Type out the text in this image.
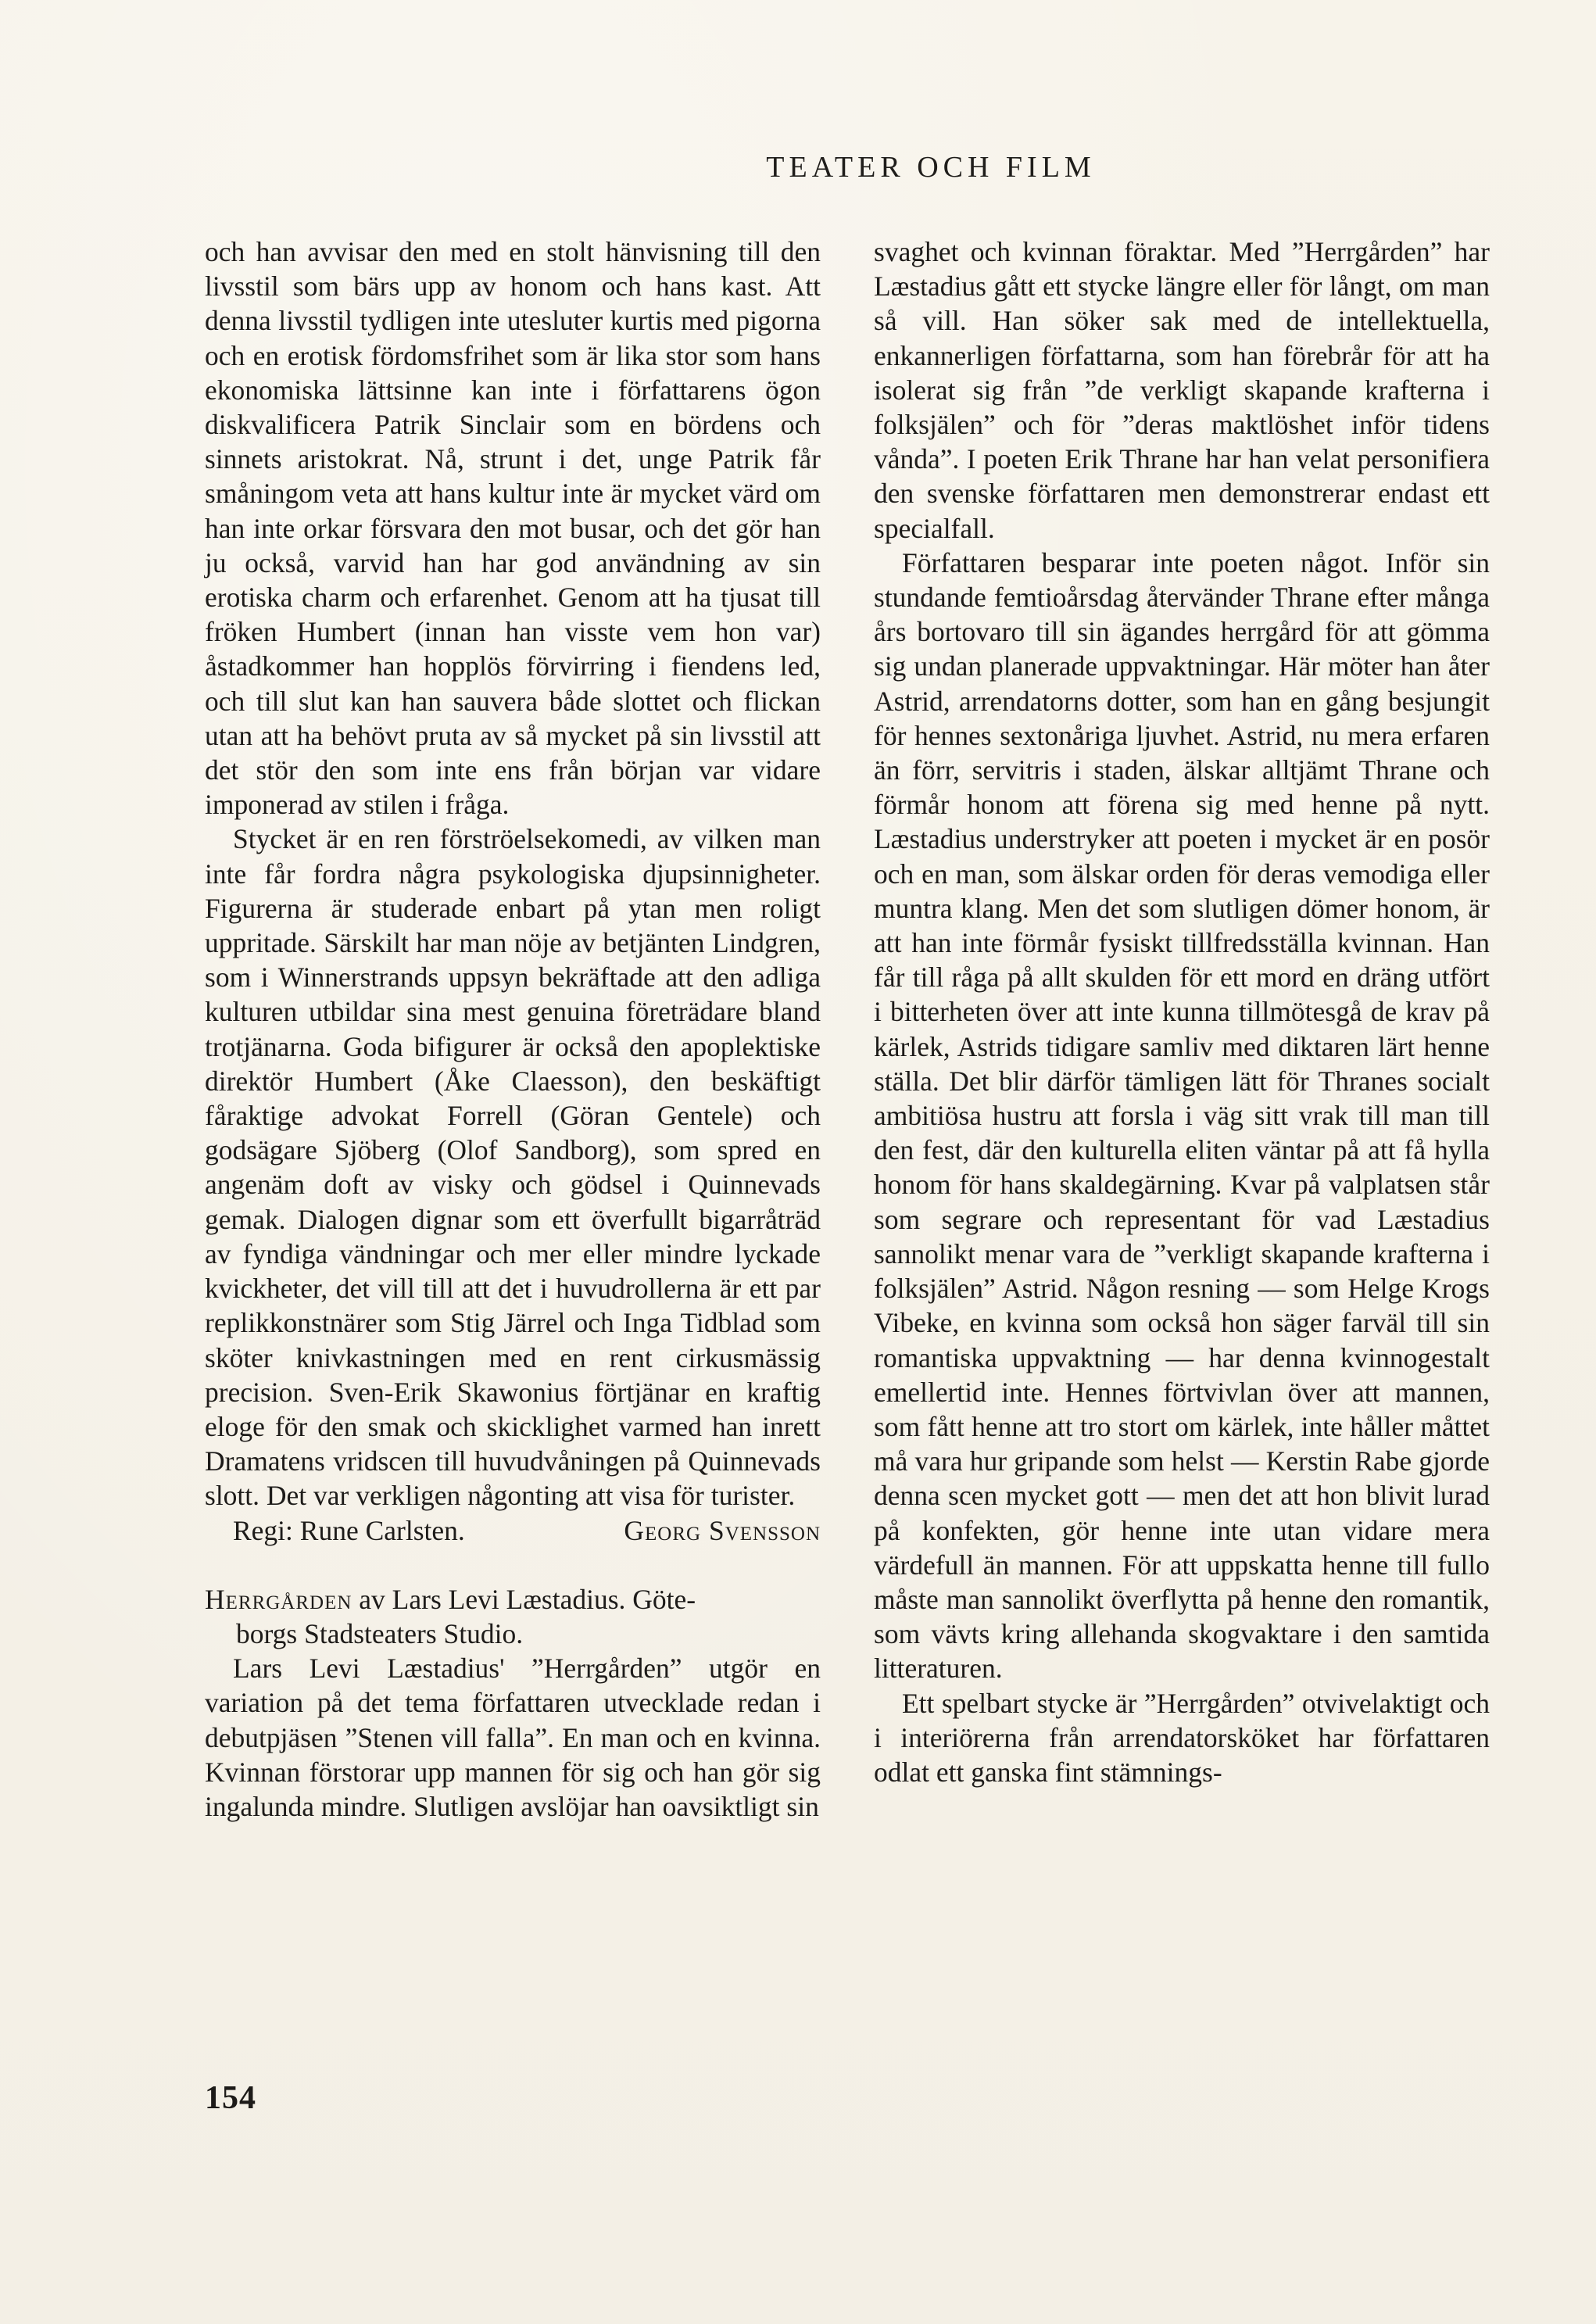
TEATER OCH FILM

och han avvisar den med en stolt hänvisning till den livsstil som bärs upp av honom och hans kast. Att denna livsstil tydligen inte utesluter kurtis med pigorna och en erotisk fördomsfrihet som är lika stor som hans ekonomiska lättsinne kan inte i författarens ögon diskvalificera Patrik Sinclair som en bördens och sinnets aristokrat. Nå, strunt i det, unge Patrik får småningom veta att hans kultur inte är mycket värd om han inte orkar försvara den mot busar, och det gör han ju också, varvid han har god användning av sin erotiska charm och erfarenhet. Genom att ha tjusat till fröken Humbert (innan han visste vem hon var) åstadkommer han hopplös förvirring i fiendens led, och till slut kan han sauvera både slottet och flickan utan att ha behövt pruta av så mycket på sin livsstil att det stör den som inte ens från början var vidare imponerad av stilen i fråga.

Stycket är en ren förströelsekomedi, av vilken man inte får fordra några psykologiska djupsinnigheter. Figurerna är studerade enbart på ytan men roligt uppritade. Särskilt har man nöje av betjänten Lindgren, som i Winnerstrands uppsyn bekräftade att den adliga kulturen utbildar sina mest genuina företrädare bland trotjänarna. Goda bifigurer är också den apoplektiske direktör Humbert (Åke Claesson), den beskäftigt fåraktige advokat Forrell (Göran Gentele) och godsägare Sjöberg (Olof Sandborg), som spred en angenäm doft av visky och gödsel i Quinnevads gemak. Dialogen dignar som ett överfullt bigarråträd av fyndiga vändningar och mer eller mindre lyckade kvickheter, det vill till att det i huvudrollerna är ett par replikkonstnärer som Stig Järrel och Inga Tidblad som sköter knivkastningen med en rent cirkusmässig precision. Sven-Erik Skawonius förtjänar en kraftig eloge för den smak och skicklighet varmed han inrett Dramatens vridscen till huvudvåningen på Quinnevads slott. Det var verkligen någonting att visa för turister.

Regi: Rune Carlsten.	Georg Svensson

Herrgården av Lars Levi Læstadius. Göte-
borgs Stadsteaters Studio.

Lars Levi Læstadius' ”Herrgården” utgör en variation på det tema författaren utvecklade redan i debutpjäsen ”Stenen vill falla”. En man och en kvinna. Kvinnan förstorar upp mannen för sig och han gör sig ingalunda mindre. Slutligen avslöjar han oavsiktligt sin

svaghet och kvinnan föraktar. Med ”Herrgården” har Læstadius gått ett stycke längre eller för långt, om man så vill. Han söker sak med de intellektuella, enkannerligen författarna, som han förebrår för att ha isolerat sig från ”de verkligt skapande krafterna i folksjälen” och för ”deras maktlöshet inför tidens vånda”. I poeten Erik Thrane har han velat personifiera den svenske författaren men demonstrerar endast ett specialfall.

Författaren besparar inte poeten något. Inför sin stundande femtioårsdag återvänder Thrane efter många års bortovaro till sin ägandes herrgård för att gömma sig undan planerade uppvaktningar. Här möter han åter Astrid, arrendatorns dotter, som han en gång besjungit för hennes sextonåriga ljuvhet. Astrid, nu mera erfaren än förr, servitris i staden, älskar alltjämt Thrane och förmår honom att förena sig med henne på nytt. Læstadius understryker att poeten i mycket är en posör och en man, som älskar orden för deras vemodiga eller muntra klang. Men det som slutligen dömer honom, är att han inte förmår fysiskt tillfredsställa kvinnan. Han får till råga på allt skulden för ett mord en dräng utfört i bitterheten över att inte kunna tillmötesgå de krav på kärlek, Astrids tidigare samliv med diktaren lärt henne ställa. Det blir därför tämligen lätt för Thranes socialt ambitiösa hustru att forsla i väg sitt vrak till man till den fest, där den kulturella eliten väntar på att få hylla honom för hans skaldegärning. Kvar på valplatsen står som segrare och representant för vad Læstadius sannolikt menar vara de ”verkligt skapande krafterna i folksjälen” Astrid. Någon resning — som Helge Krogs Vibeke, en kvinna som också hon säger farväl till sin romantiska uppvaktning — har denna kvinnogestalt emellertid inte. Hennes förtvivlan över att mannen, som fått henne att tro stort om kärlek, inte håller måttet må vara hur gripande som helst — Kerstin Rabe gjorde denna scen mycket gott — men det att hon blivit lurad på konfekten, gör henne inte utan vidare mera värdefull än mannen. För att uppskatta henne till fullo måste man sannolikt överflytta på henne den romantik, som vävts kring allehanda skogvaktare i den samtida litteraturen.

Ett spelbart stycke är ”Herrgården” otvivelaktigt och i interiörerna från arrendatorsköket har författaren odlat ett ganska fint stämnings-

154
